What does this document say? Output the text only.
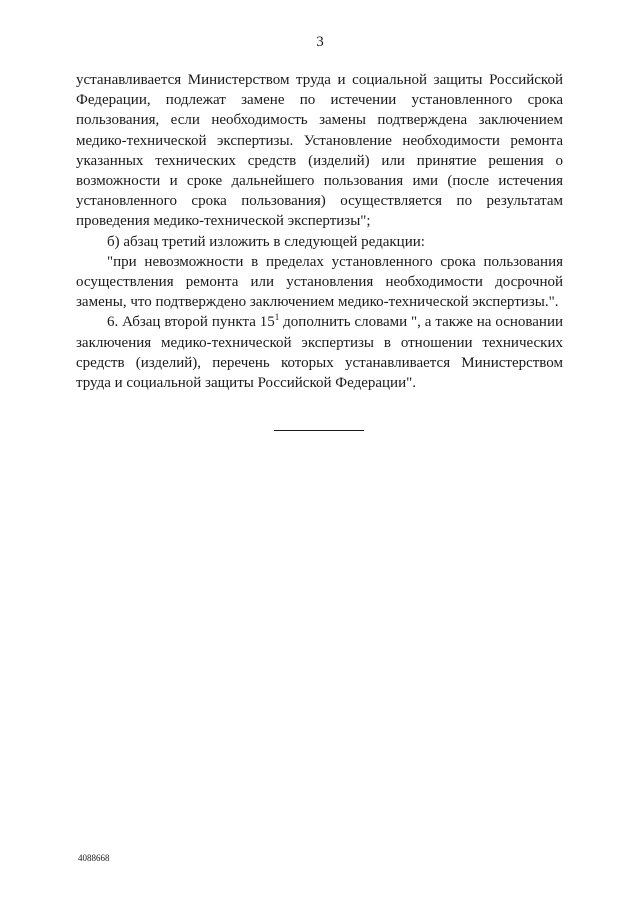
3

устанавливается Министерством труда и социальной защиты Российской Федерации, подлежат замене по истечении установленного срока пользования, если необходимость замены подтверждена заключением медико-технической экспертизы. Установление необходимости ремонта указанных технических средств (изделий) или принятие решения о возможности и сроке дальнейшего пользования ими (после истечения установленного срока пользования) осуществляется по результатам проведения медико-технической экспертизы";

б) абзац третий изложить в следующей редакции:

"при невозможности в пределах установленного срока пользования осуществления ремонта или установления необходимости досрочной замены, что подтверждено заключением медико-технической экспертизы.".

6. Абзац второй пункта $15^1$ дополнить словами ", а также на основании заключения медико-технической экспертизы в отношении технических средств (изделий), перечень которых устанавливается Министерством труда и социальной защиты Российской Федерации".

4088668
